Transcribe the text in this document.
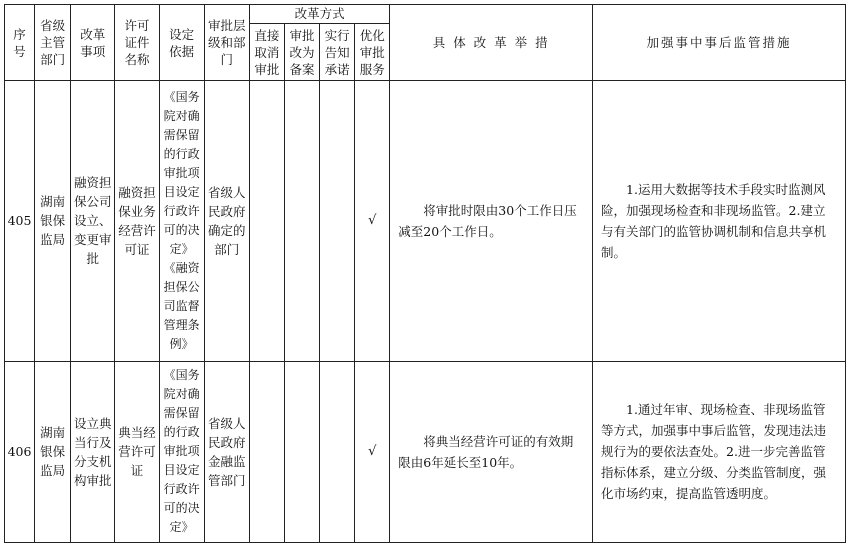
序号	省级主管部门	改革事项	许可证件名称	设定依据	审批层级和部门	改革方式				具 体 改 革 举 措	加强事中事后监管措施
						直接取消审批	审批改为备案	实行告知承诺	优化审批服务		
405	湖南银保监局	融资担保公司设立、变更审批	融资担保业务经营许可证	《国务院对确需保留的行政审批项目设定行政许可的决定》《融资担保公司监督管理条例》	省级人民政府确定的部门				√	将审批时限由30个工作日压减至20个工作日。	1.运用大数据等技术手段实时监测风险，加强现场检查和非现场监管。2.建立与有关部门的监管协调机制和信息共享机制。

406	湖南银保监局	设立典当行及分支机构审批	典当经营许可证	《国务院对确需保留的行政审批项目设定行政许可的决定》	省级人民政府金融监管部门				√	将典当经营许可证的有效期限由6年延长至10年。	1.通过年审、现场检查、非现场监管等方式，加强事中事后监管，发现违法违规行为的要依法查处。2.进一步完善监管指标体系，建立分级、分类监管制度，强化市场约束，提高监管透明度。
